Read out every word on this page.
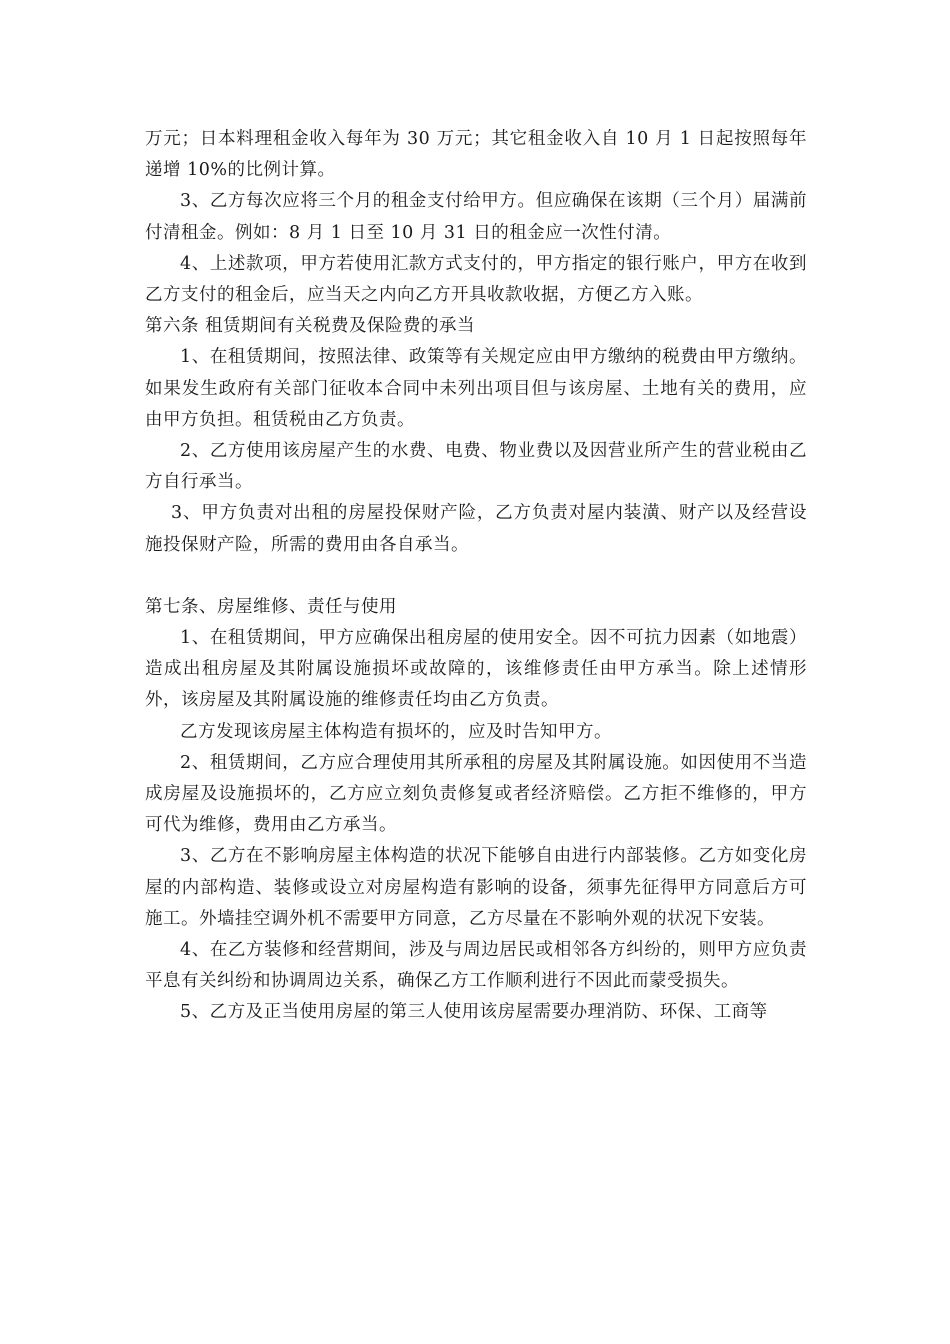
万元；日本料理租金收入每年为 30 万元；其它租金收入自 10 月 1 日起按照每年递增 10%的比例计算。

3、乙方每次应将三个月的租金支付给甲方。但应确保在该期（三个月）届满前付清租金。例如：8 月 1 日至 10 月 31 日的租金应一次性付清。

4、上述款项，甲方若使用汇款方式支付的，甲方指定的银行账户，甲方在收到乙方支付的租金后，应当天之内向乙方开具收款收据，方便乙方入账。

第六条 租赁期间有关税费及保险费的承当

1、在租赁期间，按照法律、政策等有关规定应由甲方缴纳的税费由甲方缴纳。如果发生政府有关部门征收本合同中未列出项目但与该房屋、土地有关的费用，应由甲方负担。租赁税由乙方负责。

2、乙方使用该房屋产生的水费、电费、物业费以及因营业所产生的营业税由乙方自行承当。

3、甲方负责对出租的房屋投保财产险，乙方负责对屋内装潢、财产以及经营设施投保财产险，所需的费用由各自承当。

第七条、房屋维修、责任与使用

1、在租赁期间，甲方应确保出租房屋的使用安全。因不可抗力因素（如地震）造成出租房屋及其附属设施损坏或故障的，该维修责任由甲方承当。除上述情形外，该房屋及其附属设施的维修责任均由乙方负责。

乙方发现该房屋主体构造有损坏的，应及时告知甲方。

2、租赁期间，乙方应合理使用其所承租的房屋及其附属设施。如因使用不当造成房屋及设施损坏的，乙方应立刻负责修复或者经济赔偿。乙方拒不维修的，甲方可代为维修，费用由乙方承当。

3、乙方在不影响房屋主体构造的状况下能够自由进行内部装修。乙方如变化房屋的内部构造、装修或设立对房屋构造有影响的设备，须事先征得甲方同意后方可施工。外墙挂空调外机不需要甲方同意，乙方尽量在不影响外观的状况下安装。

4、在乙方装修和经营期间，涉及与周边居民或相邻各方纠纷的，则甲方应负责平息有关纠纷和协调周边关系，确保乙方工作顺利进行不因此而蒙受损失。

5、乙方及正当使用房屋的第三人使用该房屋需要办理消防、环保、工商等
